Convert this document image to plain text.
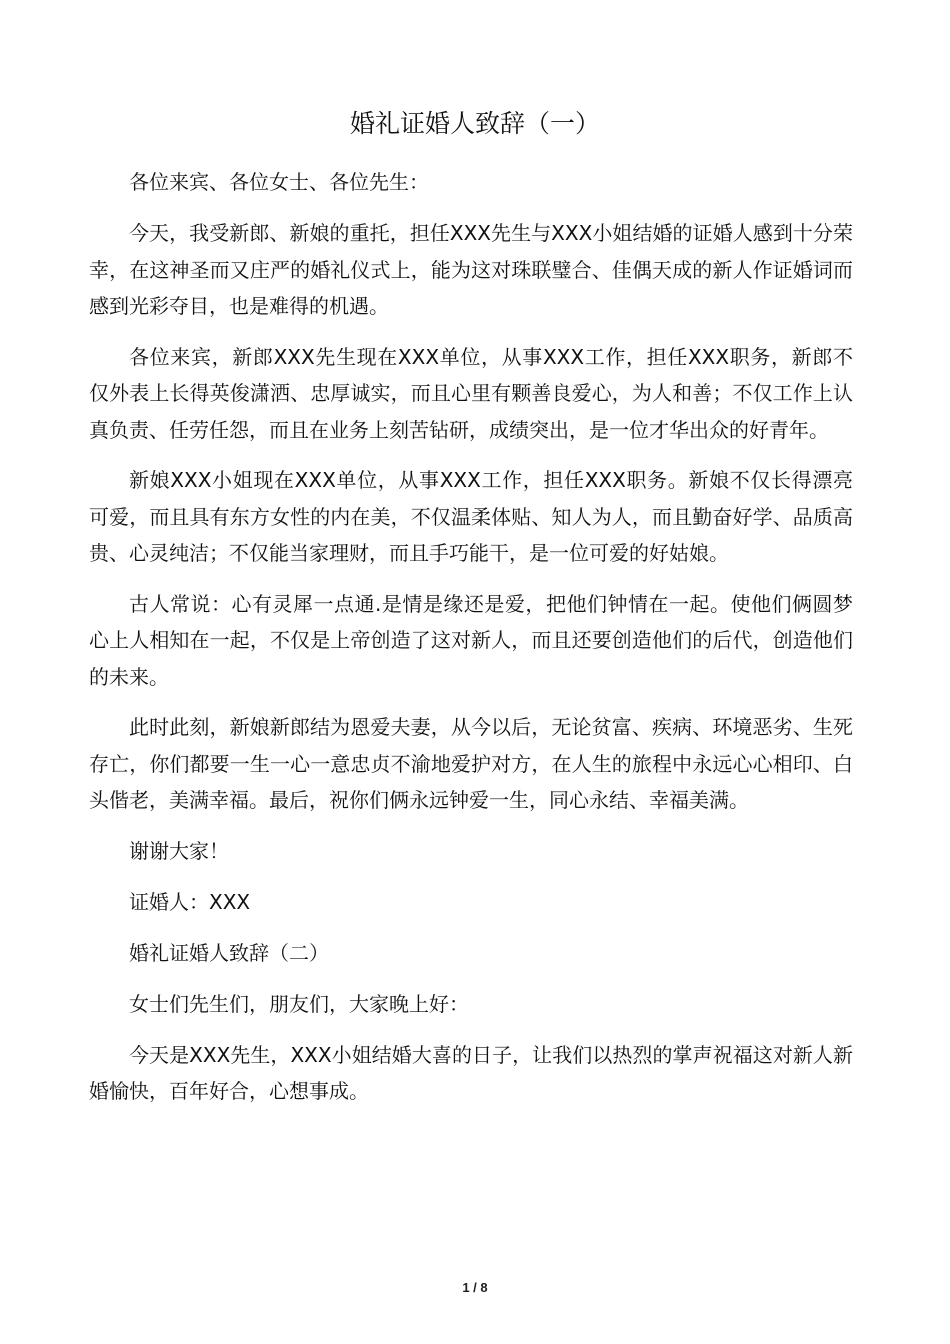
婚礼证婚人致辞（一）

各位来宾、各位女士、各位先生：

今天，我受新郎、新娘的重托，担任XXX先生与XXX小姐结婚的证婚人感到十分荣幸，在这神圣而又庄严的婚礼仪式上，能为这对珠联璧合、佳偶天成的新人作证婚词而感到光彩夺目，也是难得的机遇。

各位来宾，新郎XXX先生现在XXX单位，从事XXX工作，担任XXX职务，新郎不仅外表上长得英俊潇洒、忠厚诚实，而且心里有颗善良爱心，为人和善；不仅工作上认真负责、任劳任怨，而且在业务上刻苦钻研，成绩突出，是一位才华出众的好青年。

新娘XXX小姐现在XXX单位，从事XXX工作，担任XXX职务。新娘不仅长得漂亮可爱，而且具有东方女性的内在美，不仅温柔体贴、知人为人，而且勤奋好学、品质高贵、心灵纯洁；不仅能当家理财，而且手巧能干，是一位可爱的好姑娘。

古人常说：心有灵犀一点通.是情是缘还是爱，把他们钟情在一起。使他们俩圆梦心上人相知在一起，不仅是上帝创造了这对新人，而且还要创造他们的后代，创造他们的未来。

此时此刻，新娘新郎结为恩爱夫妻，从今以后，无论贫富、疾病、环境恶劣、生死存亡，你们都要一生一心一意忠贞不渝地爱护对方，在人生的旅程中永远心心相印、白头偕老，美满幸福。最后，祝你们俩永远钟爱一生，同心永结、幸福美满。

谢谢大家！

证婚人：XXX

婚礼证婚人致辞（二）

女士们先生们，朋友们，大家晚上好：

今天是XXX先生，XXX小姐结婚大喜的日子，让我们以热烈的掌声祝福这对新人新婚愉快，百年好合，心想事成。

1 / 8
